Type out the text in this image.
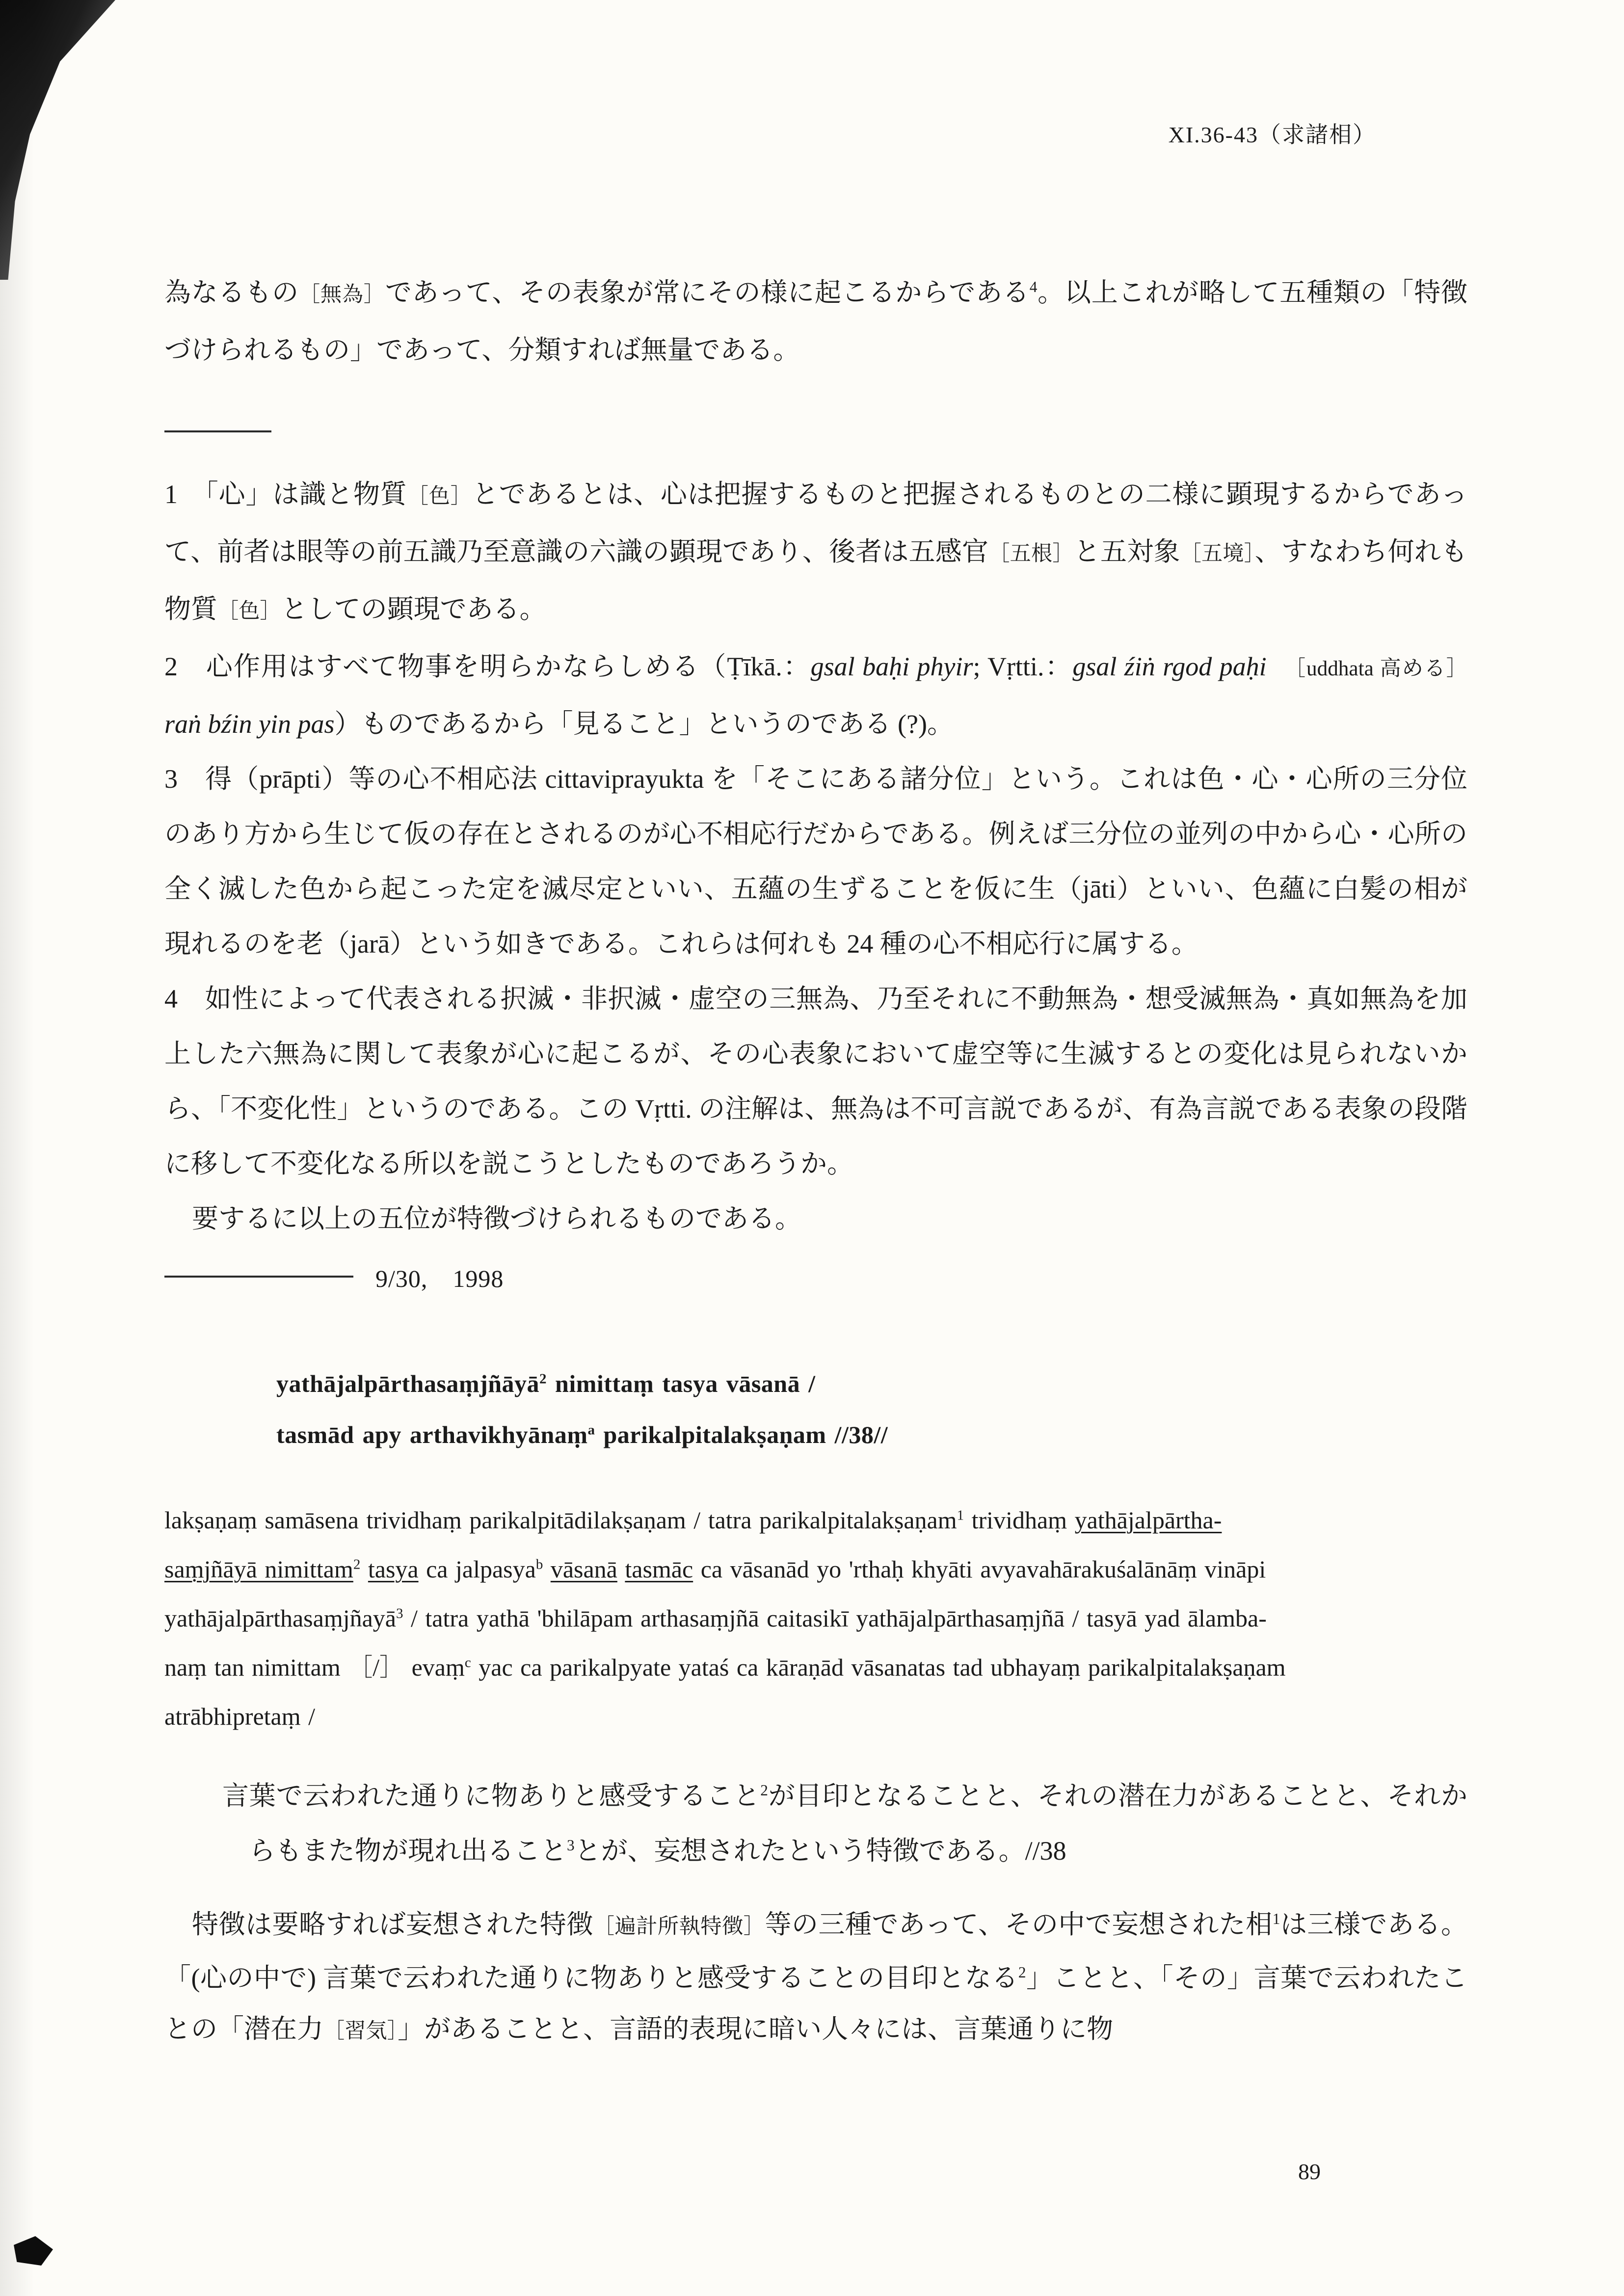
XI.36-43（求諸相）

為なるもの［無為］であって、その表象が常にその様に起こるからである$^4$。以上これが略して五種類の「特徴づけられるもの」であって、分類すれば無量である。

1　「心」は識と物質［色］とであるとは、心は把握するものと把握されるものとの二様に顕現するからであって、前者は眼等の前五識乃至意識の六識の顕現であり、後者は五感官［五根］と五対象［五境］、すなわち何れも物質［色］としての顕現である。

2　心作用はすべて物事を明らかならしめる（Ṭīkā.：gsal baḥi phyir; Vṛtti.：gsal źiṅ rgod paḥi　 ［uddhata 高める］ raṅ bźin yin pas）ものであるから「見ること」というのである (?)。

3　得（prāpti）等の心不相応法 cittaviprayukta を「そこにある諸分位」という。これは色・心・心所の三分位のあり方から生じて仮の存在とされるのが心不相応行だからである。例えば三分位の並列の中から心・心所の全く滅した色から起こった定を滅尽定といい、五蘊の生ずることを仮に生（jāti）といい、色蘊に白髪の相が現れるのを老（jarā）という如きである。これらは何れも 24 種の心不相応行に属する。

4　如性によって代表される択滅・非択滅・虚空の三無為、乃至それに不動無為・想受滅無為・真如無為を加上した六無為に関して表象が心に起こるが、その心表象において虚空等に生滅するとの変化は見られないから、「不変化性」というのである。この Vṛtti. の注解は、無為は不可言説であるが、有為言説である表象の段階に移して不変化なる所以を説こうとしたものであろうか。

要するに以上の五位が特徴づけられるものである。

9/30,　1998

yathājalpārthasaṃjñāyā$^2$ nimittaṃ tasya vāsanā /

tasmād apy arthavikhyānaṃ$^a$ parikalpitalakṣaṇam //38//

lakṣaṇaṃ samāsena trividhaṃ parikalpitādilakṣaṇam / tatra parikalpitalakṣaṇam$^1$ trividhaṃ yathājalpārtha-
saṃjñāyā nimittam$^2$ tasya ca jalpasya$^b$ vāsanā tasmāc ca vāsanād yo 'rthaḥ khyāti avyavahārakuśalānāṃ vināpi
yathājalpārthasaṃjñayā$^3$ / tatra yathā 'bhilāpam arthasaṃjñā caitasikī yathājalpārthasaṃjñā / tasyā yad ālamba-
naṃ tan nimittam ［/］ evaṃ$^c$ yac ca parikalpyate yataś ca kāraṇād vāsanatas tad ubhayaṃ parikalpitalakṣaṇam
atrābhipretaṃ /

言葉で云われた通りに物ありと感受すること$^2$が目印となることと、それの潜在力があることと、それからもまた物が現れ出ること$^3$とが、妄想されたという特徴である。//38

特徴は要略すれば妄想された特徴［遍計所執特徴］等の三種であって、その中で妄想された相$^1$は三様である。「(心の中で) 言葉で云われた通りに物ありと感受することの目印となる$^2$」ことと、「その」言葉で云われたことの「潜在力［習気］」があることと、言語的表現に暗い人々には、言葉通りに物

89
